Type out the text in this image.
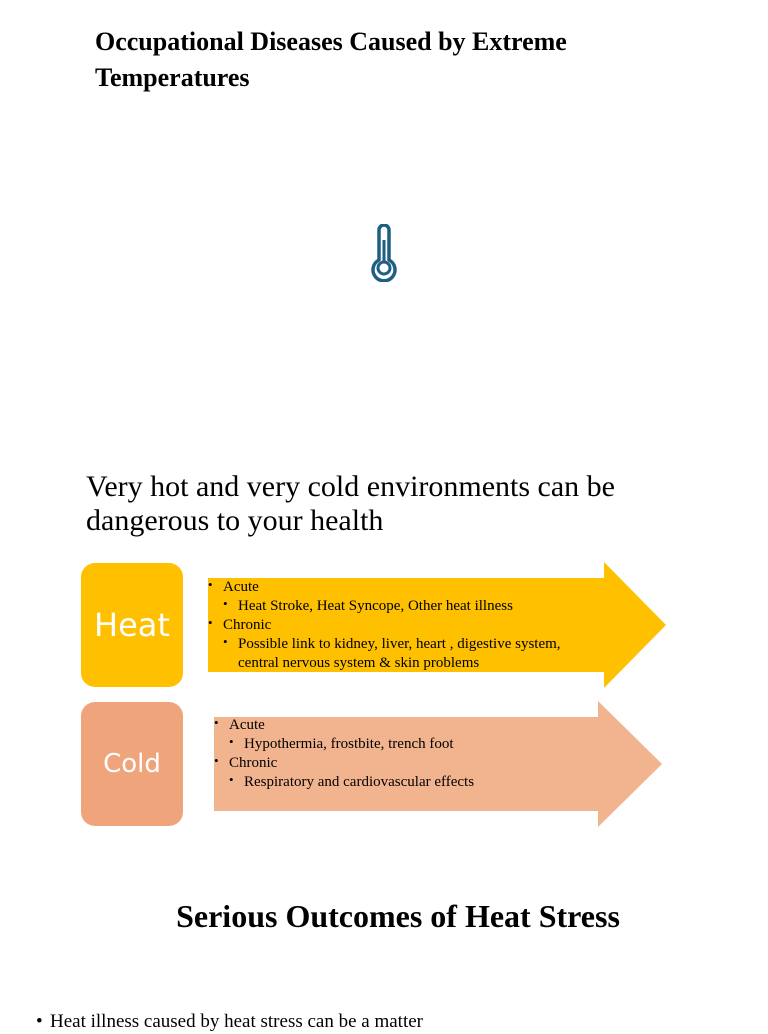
Occupational Diseases Caused by Extreme Temperatures
Very hot and very cold environments can be dangerous to your health
Heat
• Acute
• Heat Stroke, Heat Syncope, Other heat illness
• Chronic
• Possible link to kidney, liver, heart , digestive system, central nervous system & skin problems
Cold
• Acute
• Hypothermia, frostbite, trench foot
• Chronic
• Respiratory and cardiovascular effects
Serious Outcomes of Heat Stress
• Heat illness caused by heat stress can be a matter
